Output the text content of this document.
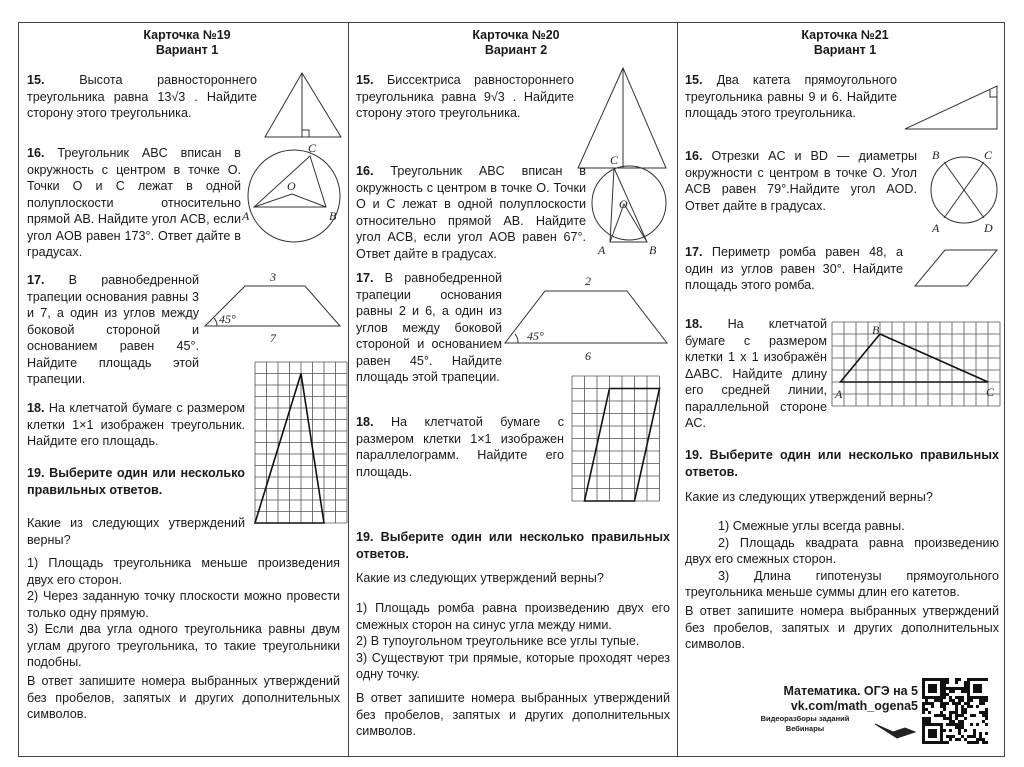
Карточка №19
Вариант 1
15.	Высота равностороннего треугольника равна 13√3 . Найдите сторону этого треугольника.
16. Треугольник ABC вписан в окружность с центром в точке O. Точки O и C лежат в одной полуплоскости относительно прямой AB. Найдите угол ACB, если угол AOB равен 173°. Ответ дайте в градусах.
A	B
C
O
17. В равнобедренной трапеции основания равны 3 и 7, а один из углов между боковой стороной и основанием равен 45°. Найдите площадь этой трапеции.
3
7
45°
18. На клетчатой бумаге с размером клетки 1×1 изображен треугольник. Найдите его площадь.
19. Выберите один или несколько правильных ответов.
Какие из следующих утверждений верны?
1) Площадь треугольника меньше произведения двух его сторон.
2) Через заданную точку плоскости можно провести только одну прямую.
3) Если два угла одного треугольника равны двум углам другого треугольника, то такие треугольники подобны.
В ответ запишите номера выбранных утверждений без пробелов, запятых и других дополнительных символов.
Карточка №20
Вариант 2
15. Биссектриса равностороннего треугольника равна 9√3 . Найдите сторону этого треугольника.
16. Треугольник ABC вписан в окружность с центром в точке O. Точки O и C лежат в одной полуплоскости относительно прямой AB. Найдите угол ACB, если угол AOB равен 67°. Ответ дайте в градусах.	A	B
C
O
17. В равнобедренной трапеции основания равны 2 и 6, а один из углов между боковой стороной и основанием равен 45°. Найдите площадь этой трапеции.
2
6
45°
18. На клетчатой бумаге с размером клетки 1×1 изображен параллелограмм. Найдите его площадь.
19. Выберите один или несколько правильных ответов.
Какие из следующих утверждений верны?
1) Площадь ромба равна произведению двух его смежных сторон на синус угла между ними.
2) В тупоугольном треугольнике все углы тупые.
3) Существуют три прямые, которые проходят через одну точку.
В ответ запишите номера выбранных утверждений без пробелов, запятых и других дополнительных символов.
Карточка №21
Вариант 1
15. Два катета прямоугольного треугольника равны 9 и 6. Найдите площадь этого треугольника.
16. Отрезки AC и BD — диаметры окружности с центром в точке O. Угол ACB равен 79°.Найдите угол AOD. Ответ дайте в градусах.
B	C
A	D
17. Периметр ромба равен 48, а один из углов равен 30°. Найдите площадь этого ромба.
18. На клетчатой бумаге с размером клетки 1 х 1 изображён ΔABC. Найдите длину его средней линии, параллельной стороне AC.
A
B
C
19. Выберите один или несколько правильных ответов.
Какие из следующих утверждений верны?
1) Смежные углы всегда равны.
2) Площадь квадрата равна произведению двух его смежных сторон.
3) Длина гипотенузы прямоугольного треугольника меньше суммы длин его катетов.
В ответ запишите номера выбранных утверждений без пробелов, запятых и других дополнительных символов.
Математика. ОГЭ на 5
vk.com/math_ogena5
Видеоразборы заданий
Вебинары
